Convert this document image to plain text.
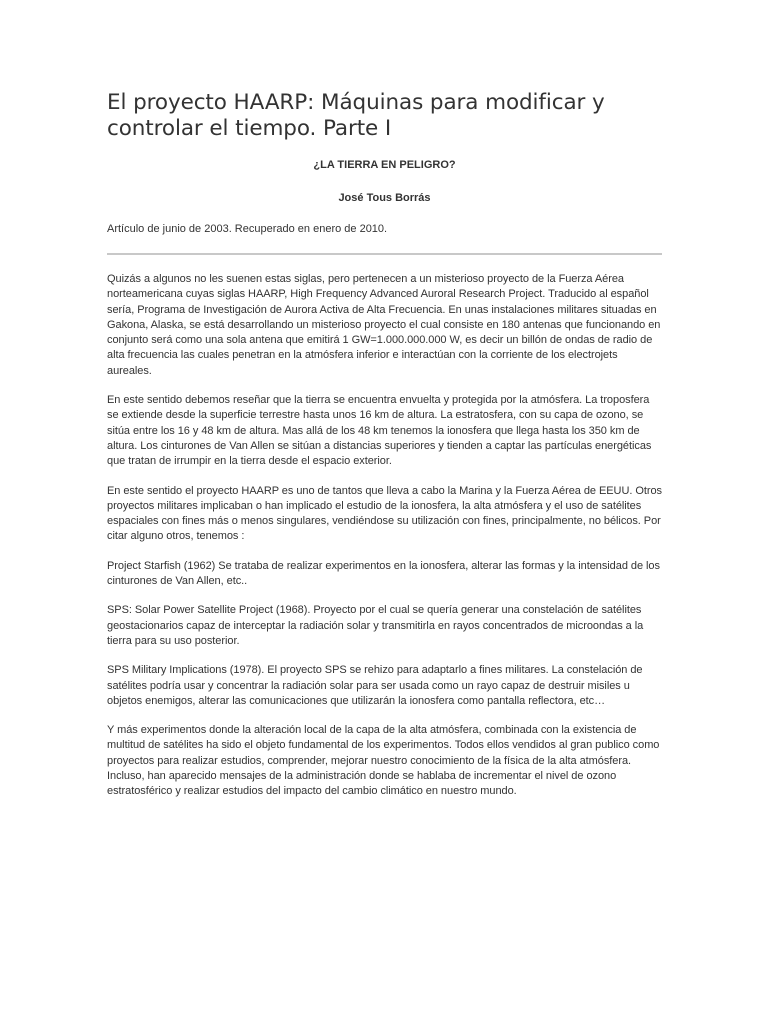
El proyecto HAARP: Máquinas para modificar y controlar el tiempo. Parte I

¿LA TIERRA EN PELIGRO?

José Tous Borrás

Artículo de junio de 2003. Recuperado en enero de 2010.

Quizás a algunos no les suenen estas siglas, pero pertenecen a un misterioso proyecto de la Fuerza Aérea norteamericana cuyas siglas HAARP, High Frequency Advanced Auroral Research Project. Traducido al español sería, Programa de Investigación de Aurora Activa de Alta Frecuencia. En unas instalaciones militares situadas en Gakona, Alaska, se está desarrollando un misterioso proyecto el cual consiste en 180 antenas que funcionando en conjunto será como una sola antena que emitirá 1 GW=1.000.000.000 W, es decir un billón de ondas de radio de alta frecuencia las cuales penetran en la atmósfera inferior e interactúan con la corriente de los electrojets aureales.

En este sentido debemos reseñar que la tierra se encuentra envuelta y protegida por la atmósfera. La troposfera se extiende desde la superficie terrestre hasta unos 16 km de altura. La estratosfera, con su capa de ozono, se sitúa entre los 16 y 48 km de altura. Mas allá de los 48 km tenemos la ionosfera que llega hasta los 350 km de altura. Los cinturones de Van Allen se sitúan a distancias superiores y tienden a captar las partículas energéticas que tratan de irrumpir en la tierra desde el espacio exterior.

En este sentido el proyecto HAARP es uno de tantos que lleva a cabo la Marina y la Fuerza Aérea de EEUU. Otros proyectos militares implicaban o han implicado el estudio de la ionosfera, la alta atmósfera y el uso de satélites espaciales con fines más o menos singulares, vendiéndose su utilización con fines, principalmente, no bélicos. Por citar alguno otros, tenemos :

Project Starfish (1962) Se trataba de realizar experimentos en la ionosfera, alterar las formas y la intensidad de los cinturones de Van Allen, etc..

SPS: Solar Power Satellite Project (1968). Proyecto por el cual se quería generar una constelación de satélites geostacionarios capaz de interceptar la radiación solar y transmitirla en rayos concentrados de microondas a la tierra para su uso posterior.

SPS Military Implications (1978). El proyecto SPS se rehizo para adaptarlo a fines militares. La constelación de satélites podría usar y concentrar la radiación solar para ser usada como un rayo capaz de destruir misiles u objetos enemigos, alterar las comunicaciones que utilizarán la ionosfera como pantalla reflectora, etc…

Y más experimentos donde la alteración local de la capa de la alta atmósfera, combinada con la existencia de multitud de satélites ha sido el objeto fundamental de los experimentos. Todos ellos vendidos al gran publico como proyectos para realizar estudios, comprender, mejorar nuestro conocimiento de la física de la alta atmósfera. Incluso, han aparecido mensajes de la administración donde se hablaba de incrementar el nivel de ozono estratosférico y realizar estudios del impacto del cambio climático en nuestro mundo.
